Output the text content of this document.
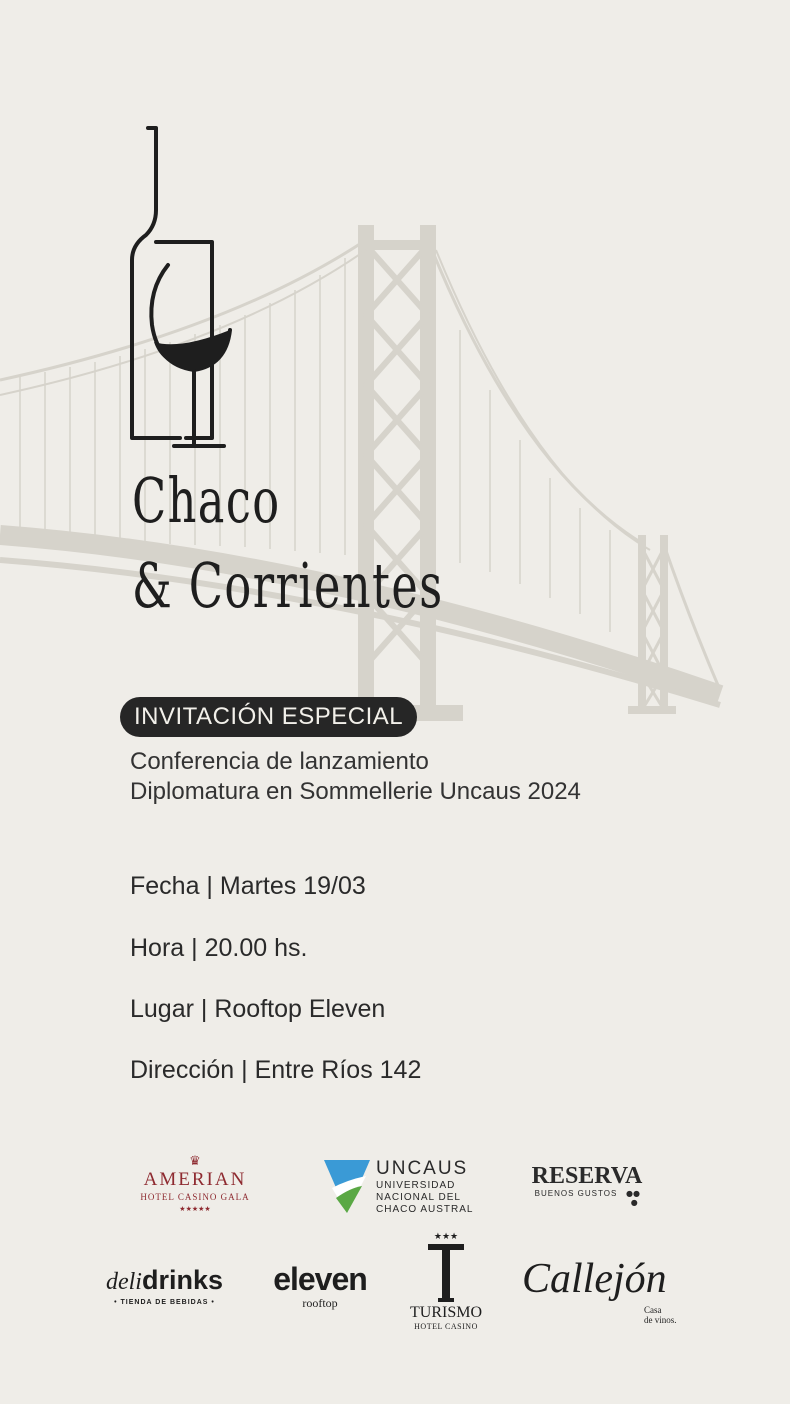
Chaco
& Corrientes
INVITACIÓN ESPECIAL
Conferencia de lanzamiento
Diplomatura en Sommellerie Uncaus 2024
Fecha | Martes 19/03
Hora | 20.00 hs.
Lugar | Rooftop Eleven
Dirección | Entre Ríos 142
♛
AMERIAN
HOTEL CASINO GALA
★★★★★
UNCAUS
UNIVERSIDAD
NACIONAL DEL
CHACO AUSTRAL
RESERVA
BUENOS GUSTOS	●●
●
delidrinks
• TIENDA DE BEBIDAS •
eleven
rooftop
★★★
TURISMO
HOTEL CASINO
Callejón
Casa
de vinos.
